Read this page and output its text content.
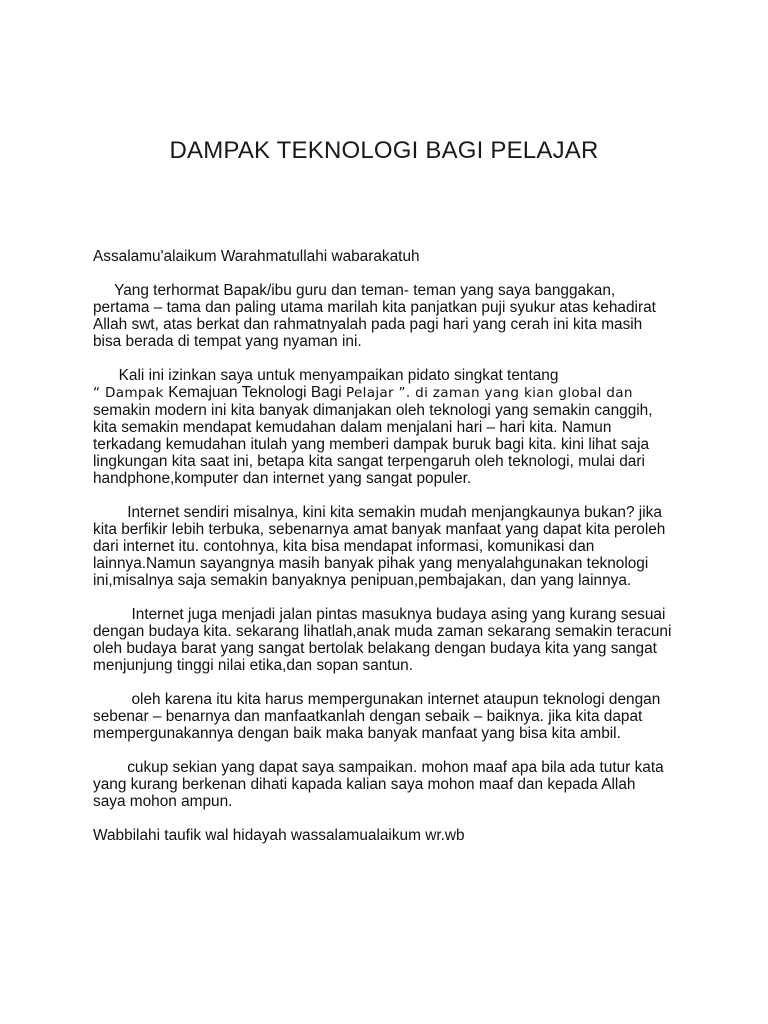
DAMPAK TEKNOLOGI BAGI PELAJAR

Assalamu'alaikum Warahmatullahi wabarakatuh

Yang terhormat Bapak/ibu guru dan teman- teman yang saya banggakan,
pertama – tama dan paling utama marilah kita panjatkan puji syukur atas kehadirat
Allah swt, atas berkat dan rahmatnyalah pada pagi hari yang cerah ini kita masih
bisa berada di tempat yang nyaman ini.

Kali ini izinkan saya untuk menyampaikan pidato singkat tentang
“ Dampak Kemajuan Teknologi Bagi Pelajar ”. di zaman yang kian global dan
semakin modern ini kita banyak dimanjakan oleh teknologi yang semakin canggih,
kita semakin mendapat kemudahan dalam menjalani hari – hari kita. Namun
terkadang kemudahan itulah yang memberi dampak buruk bagi kita. kini lihat saja
lingkungan kita saat ini, betapa kita sangat terpengaruh oleh teknologi, mulai dari
handphone,komputer dan internet yang sangat populer.

Internet sendiri misalnya, kini kita semakin mudah menjangkaunya bukan? jika
kita berfikir lebih terbuka, sebenarnya amat banyak manfaat yang dapat kita peroleh
dari internet itu. contohnya, kita bisa mendapat informasi, komunikasi dan
lainnya.Namun sayangnya masih banyak pihak yang menyalahgunakan teknologi
ini,misalnya saja semakin banyaknya penipuan,pembajakan, dan yang lainnya.

Internet juga menjadi jalan pintas masuknya budaya asing yang kurang sesuai
dengan budaya kita. sekarang lihatlah,anak muda zaman sekarang semakin teracuni
oleh budaya barat yang sangat bertolak belakang dengan budaya kita yang sangat
menjunjung tinggi nilai etika,dan sopan santun.

oleh karena itu kita harus mempergunakan internet ataupun teknologi dengan
sebenar – benarnya dan manfaatkanlah dengan sebaik – baiknya. jika kita dapat
mempergunakannya dengan baik maka banyak manfaat yang bisa kita ambil.

cukup sekian yang dapat saya sampaikan. mohon maaf apa bila ada tutur kata
yang kurang berkenan dihati kapada kalian saya mohon maaf dan kepada Allah
saya mohon ampun.

Wabbilahi taufik wal hidayah wassalamualaikum wr.wb
